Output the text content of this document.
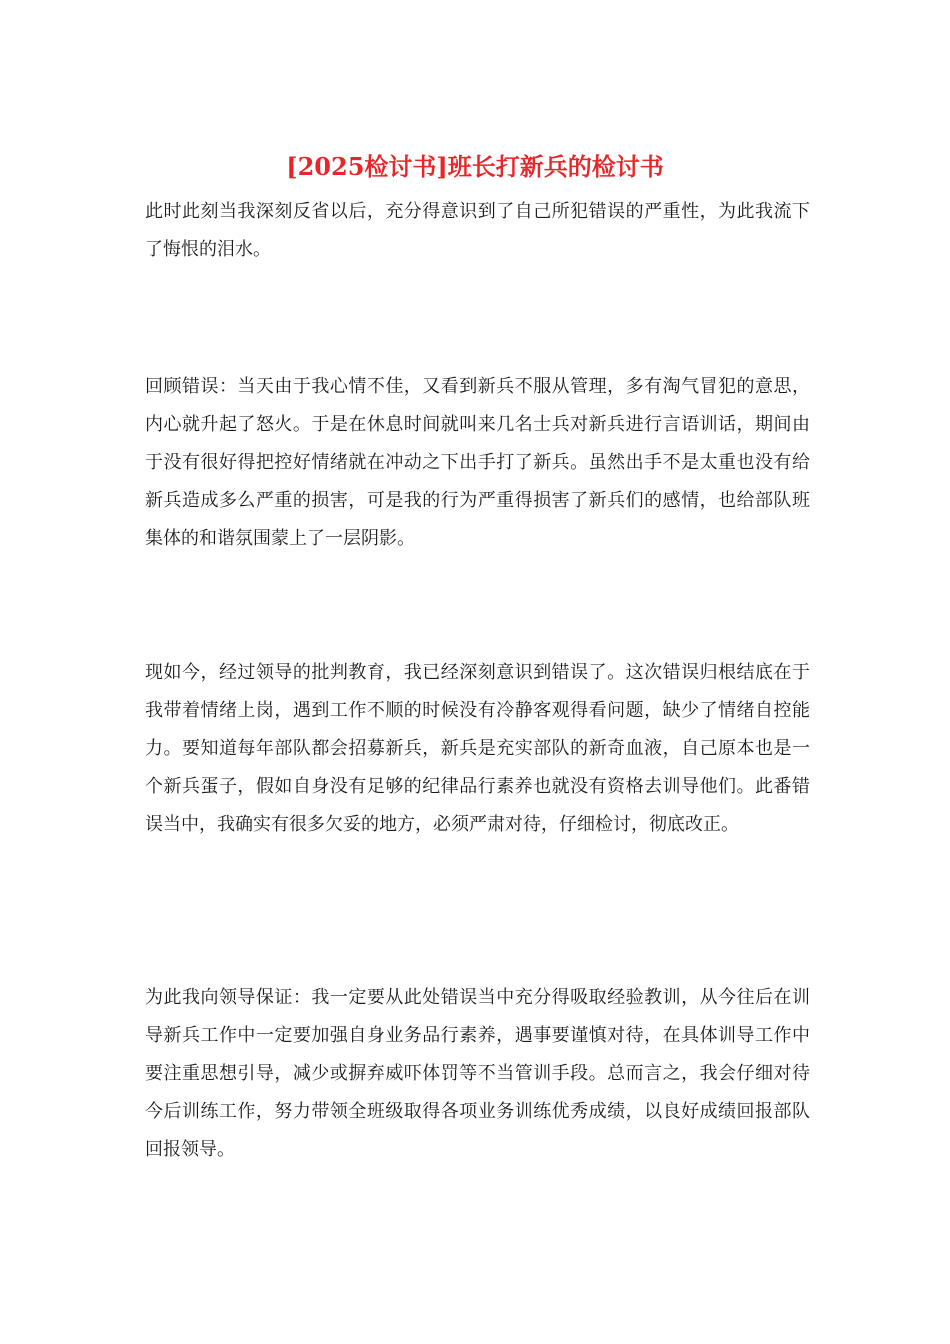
[2025检讨书]班长打新兵的检讨书

此时此刻当我深刻反省以后，充分得意识到了自己所犯错误的严重性，为此我流下了悔恨的泪水。

回顾错误：当天由于我心情不佳，又看到新兵不服从管理，多有淘气冒犯的意思，内心就升起了怒火。于是在休息时间就叫来几名士兵对新兵进行言语训话，期间由于没有很好得把控好情绪就在冲动之下出手打了新兵。虽然出手不是太重也没有给新兵造成多么严重的损害，可是我的行为严重得损害了新兵们的感情，也给部队班集体的和谐氛围蒙上了一层阴影。

现如今，经过领导的批判教育，我已经深刻意识到错误了。这次错误归根结底在于我带着情绪上岗，遇到工作不顺的时候没有冷静客观得看问题，缺少了情绪自控能力。要知道每年部队都会招募新兵，新兵是充实部队的新奇血液，自己原本也是一个新兵蛋子，假如自身没有足够的纪律品行素养也就没有资格去训导他们。此番错误当中，我确实有很多欠妥的地方，必须严肃对待，仔细检讨，彻底改正。

为此我向领导保证：我一定要从此处错误当中充分得吸取经验教训，从今往后在训导新兵工作中一定要加强自身业务品行素养，遇事要谨慎对待，在具体训导工作中要注重思想引导，减少或摒弃威吓体罚等不当管训手段。总而言之，我会仔细对待今后训练工作，努力带领全班级取得各项业务训练优秀成绩，以良好成绩回报部队回报领导。
